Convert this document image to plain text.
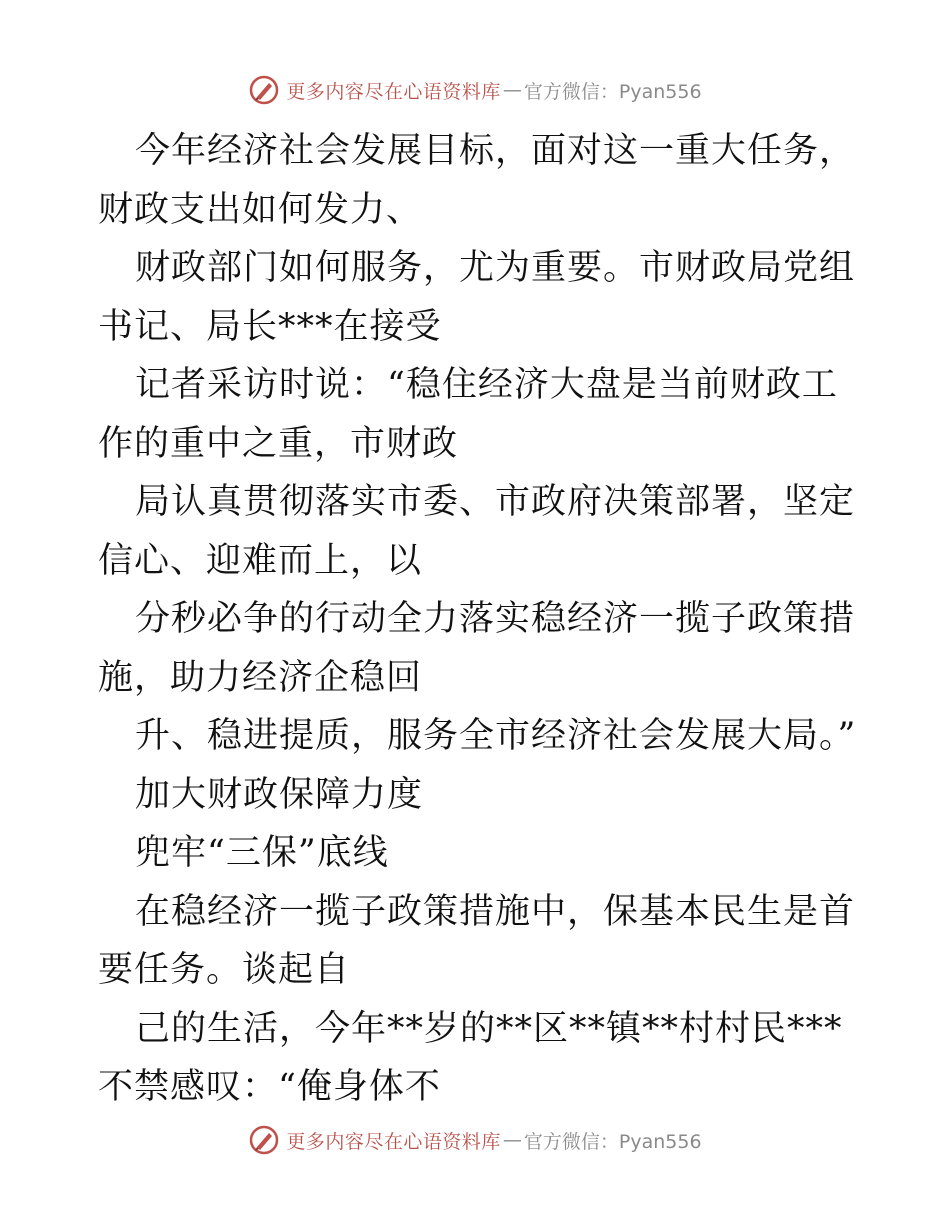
更多内容尽在心语资料库 — 官方微信：Pyan556

今年经济社会发展目标，面对这一重大任务，财政支出如何发力、

财政部门如何服务，尤为重要。市财政局党组书记、局长***在接受

记者采访时说：“稳住经济大盘是当前财政工作的重中之重，市财政

局认真贯彻落实市委、市政府决策部署，坚定信心、迎难而上，以

分秒必争的行动全力落实稳经济一揽子政策措施，助力经济企稳回

升、稳进提质，服务全市经济社会发展大局。”

加大财政保障力度

兜牢“三保”底线

在稳经济一揽子政策措施中，保基本民生是首要任务。谈起自

己的生活，今年**岁的**区**镇**村村民***不禁感叹：“俺身体不

更多内容尽在心语资料库 — 官方微信：Pyan556
